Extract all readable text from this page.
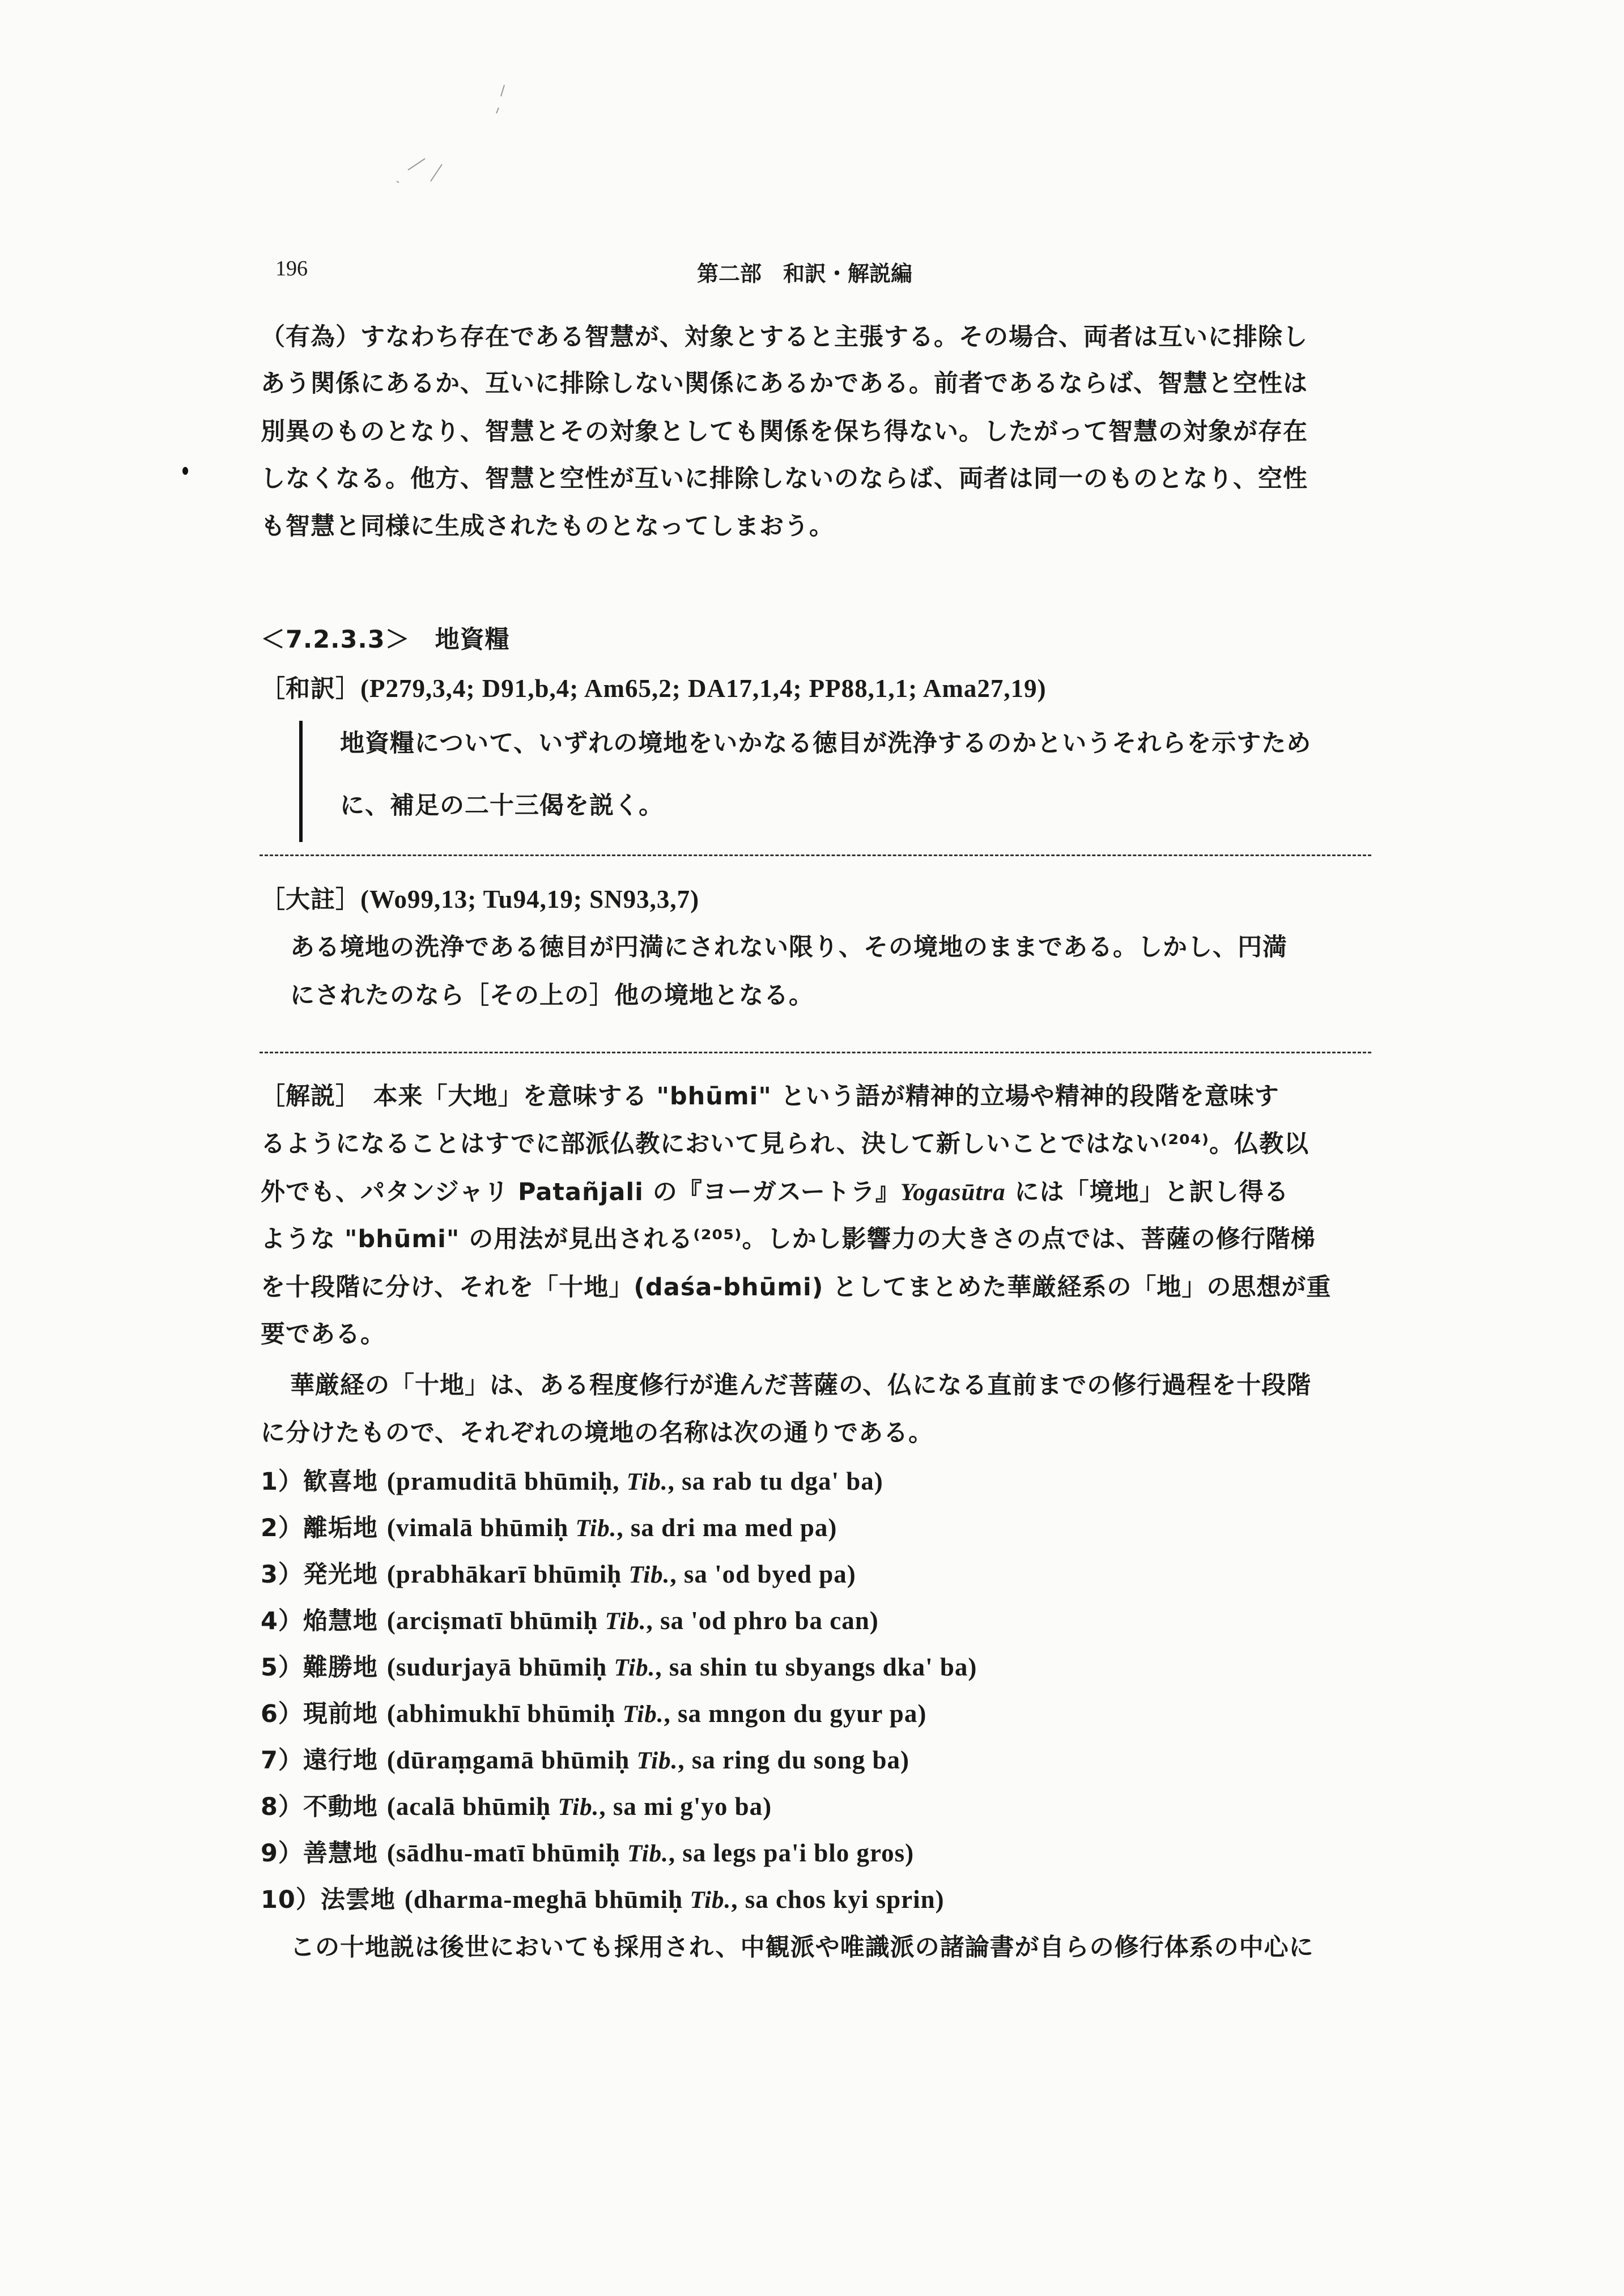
196	第二部　和訳・解説編
（有為）すなわち存在である智慧が、対象とすると主張する。その場合、両者は互いに排除し
あう関係にあるか、互いに排除しない関係にあるかである。前者であるならば、智慧と空性は
別異のものとなり、智慧とその対象としても関係を保ち得ない。したがって智慧の対象が存在
しなくなる。他方、智慧と空性が互いに排除しないのならば、両者は同一のものとなり、空性
も智慧と同様に生成されたものとなってしまおう。
＜7.2.3.3＞　地資糧
［和訳］(P279,3,4; D91,b,4; Am65,2; DA17,1,4; PP88,1,1; Ama27,19)
地資糧について、いずれの境地をいかなる徳目が洗浄するのかというそれらを示すため
に、補足の二十三偈を説く。
［大註］(Wo99,13; Tu94,19; SN93,3,7)
ある境地の洗浄である徳目が円満にされない限り、その境地のままである。しかし、円満
にされたのなら［その上の］他の境地となる。
［解説］　 本来「大地」を意味する "bhūmi" という語が精神的立場や精神的段階を意味す
るようになることはすでに部派仏教において見られ、決して新しいことではない⁽²⁰⁴⁾。仏教以
外でも、パタンジャリ Patañjali の『ヨーガスートラ』Yogasūtra には「境地」と訳し得る
ような "bhūmi" の用法が見出される⁽²⁰⁵⁾。しかし影響力の大きさの点では、菩薩の修行階梯
を十段階に分け、それを「十地」(daśa-bhūmi) としてまとめた華厳経系の「地」の思想が重
要である。
華厳経の「十地」は、ある程度修行が進んだ菩薩の、仏になる直前までの修行過程を十段階
に分けたもので、それぞれの境地の名称は次の通りである。
1）歓喜地 (pramuditā bhūmiḥ, Tib., sa rab tu dga' ba)
2）離垢地 (vimalā bhūmiḥ Tib., sa dri ma med pa)
3）発光地 (prabhākarī bhūmiḥ Tib., sa 'od byed pa)
4）焔慧地 (arciṣmatī bhūmiḥ Tib., sa 'od phro ba can)
5）難勝地 (sudurjayā bhūmiḥ Tib., sa shin tu sbyangs dka' ba)
6）現前地 (abhimukhī bhūmiḥ Tib., sa mngon du gyur pa)
7）遠行地 (dūraṃgamā bhūmiḥ Tib., sa ring du song ba)
8）不動地 (acalā bhūmiḥ Tib., sa mi g'yo ba)
9）善慧地 (sādhu-matī bhūmiḥ Tib., sa legs pa'i blo gros)
10）法雲地 (dharma-meghā bhūmiḥ Tib., sa chos kyi sprin)
この十地説は後世においても採用され、中観派や唯識派の諸論書が自らの修行体系の中心に
